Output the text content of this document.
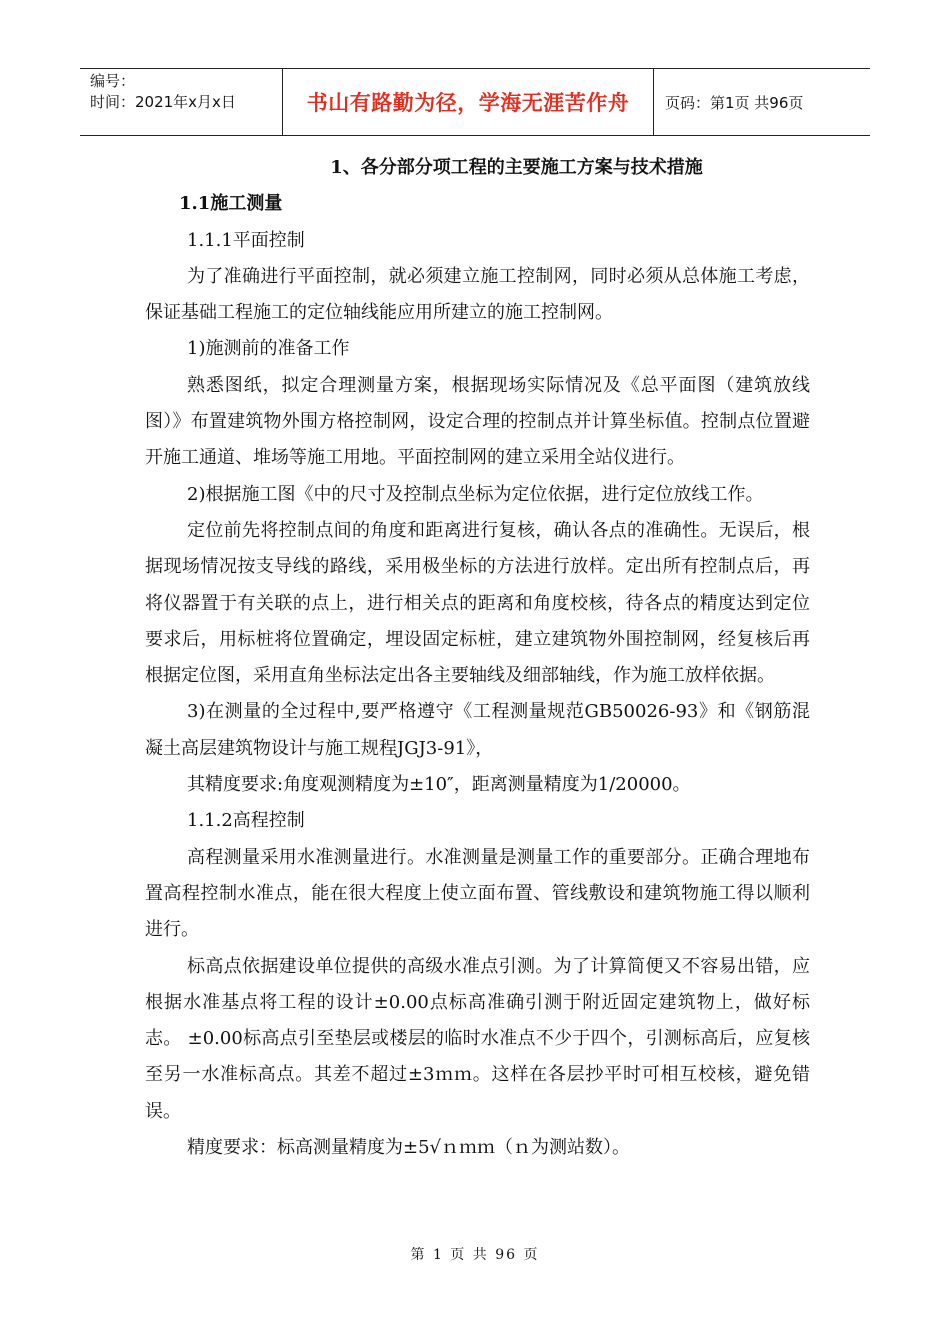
编号：
时间：2021年x月x日	书山有路勤为径，学海无涯苦作舟	页码：第1页 共96页

1、各分部分项工程的主要施工方案与技术措施

1.1施工测量

1.1.1平面控制

为了准确进行平面控制，就必须建立施工控制网，同时必须从总体施工考虑，保证基础工程施工的定位轴线能应用所建立的施工控制网。

1)施测前的准备工作

熟悉图纸，拟定合理测量方案，根据现场实际情况及《总平面图（建筑放线图）》布置建筑物外围方格控制网，设定合理的控制点并计算坐标值。控制点位置避开施工通道、堆场等施工用地。平面控制网的建立采用全站仪进行。

2)根据施工图《中的尺寸及控制点坐标为定位依据，进行定位放线工作。

定位前先将控制点间的角度和距离进行复核，确认各点的准确性。无误后，根据现场情况按支导线的路线，采用极坐标的方法进行放样。定出所有控制点后，再将仪器置于有关联的点上，进行相关点的距离和角度校核，待各点的精度达到定位要求后，用标桩将位置确定，埋设固定标桩，建立建筑物外围控制网，经复核后再根据定位图，采用直角坐标法定出各主要轴线及细部轴线，作为施工放样依据。

3)在测量的全过程中,要严格遵守《工程测量规范GB50026-93》和《钢筋混凝土高层建筑物设计与施工规程JGJ3-91》，

其精度要求:角度观测精度为±10″，距离测量精度为1/20000。

1.1.2高程控制

高程测量采用水准测量进行。水准测量是测量工作的重要部分。正确合理地布置高程控制水准点，能在很大程度上使立面布置、管线敷设和建筑物施工得以顺利进行。

标高点依据建设单位提供的高级水准点引测。为了计算简便又不容易出错，应根据水准基点将工程的设计±0.00点标高准确引测于附近固定建筑物上，做好标志。 ±0.00标高点引至垫层或楼层的临时水准点不少于四个，引测标高后，应复核至另一水准标高点。其差不超过±3ｍｍ。这样在各层抄平时可相互校核，避免错误。

精度要求：标高测量精度为±5√ｎｍｍ（ｎ为测站数）。

第 1 页 共 96 页
